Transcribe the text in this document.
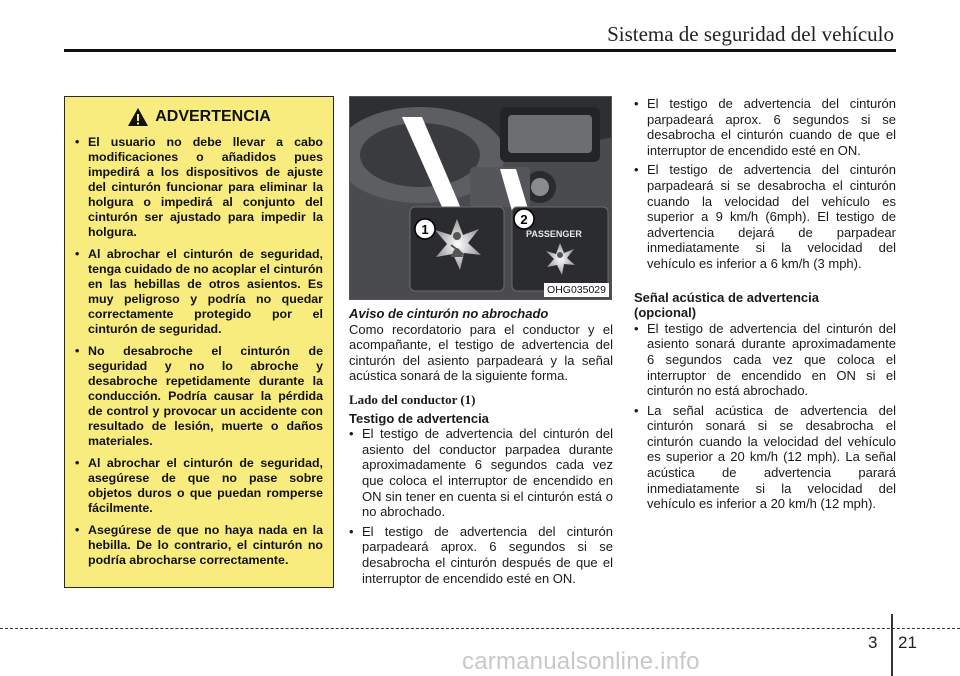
Sistema de seguridad del vehículo
ADVERTENCIA
• El usuario no debe llevar a cabo modificaciones o añadidos pues impedirá a los dispositivos de ajuste del cinturón funcionar para eliminar la holgura o impedirá al conjunto del cinturón ser ajustado para impedir la holgura.
• Al abrochar el cinturón de seguridad, tenga cuidado de no acoplar el cinturón en las hebillas de otros asientos. Es muy peligroso y podría no quedar correctamente protegido por el cinturón de seguridad.
• No desabroche el cinturón de seguridad y no lo abroche y desabroche repetidamente durante la conducción. Podría causar la pérdida de control y provocar un accidente con resultado de lesión, muerte o daños materiales.
• Al abrochar el cinturón de seguridad, asegúrese de que no pase sobre objetos duros o que puedan romperse fácilmente.
• Asegúrese de que no haya nada en la hebilla. De lo contrario, el cinturón no podría abrocharse correctamente.
PASSENGER
1
2
OHG035029

Aviso de cinturón no abrochado

Como recordatorio para el conductor y el acompañante, el testigo de advertencia del cinturón del asiento parpadeará y la señal acústica sonará de la siguiente forma.

Lado del conductor (1)
Testigo de advertencia
• El testigo de advertencia del cinturón del asiento del conductor parpadea durante aproximadamente 6 segundos cada vez que coloca el interruptor de encendido en ON sin tener en cuenta si el cinturón está o no abrochado.
• El testigo de advertencia del cinturón parpadeará aprox. 6 segundos si se desabrocha el cinturón después de que el interruptor de encendido esté en ON.
• El testigo de advertencia del cinturón parpadeará aprox. 6 segundos si se desabrocha el cinturón cuando de que el interruptor de encendido esté en ON.
• El testigo de advertencia del cinturón parpadeará si se desabrocha el cinturón cuando la velocidad del vehículo es superior a 9 km/h (6mph). El testigo de advertencia dejará de parpadear inmediatamente si la velocidad del vehículo es inferior a 6 km/h (3 mph).
Señal acústica de advertencia
(opcional)
• El testigo de advertencia del cinturón del asiento sonará durante aproximadamente 6 segundos cada vez que coloca el interruptor de encendido en ON si el cinturón no está abrochado.
• La señal acústica de advertencia del cinturón sonará si se desabrocha el cinturón cuando la velocidad del vehículo es superior a 20 km/h (12 mph). La señal acústica de advertencia parará inmediatamente si la velocidad del vehículo es inferior a 20 km/h (12 mph).
3 21
carmanualsonline.info
